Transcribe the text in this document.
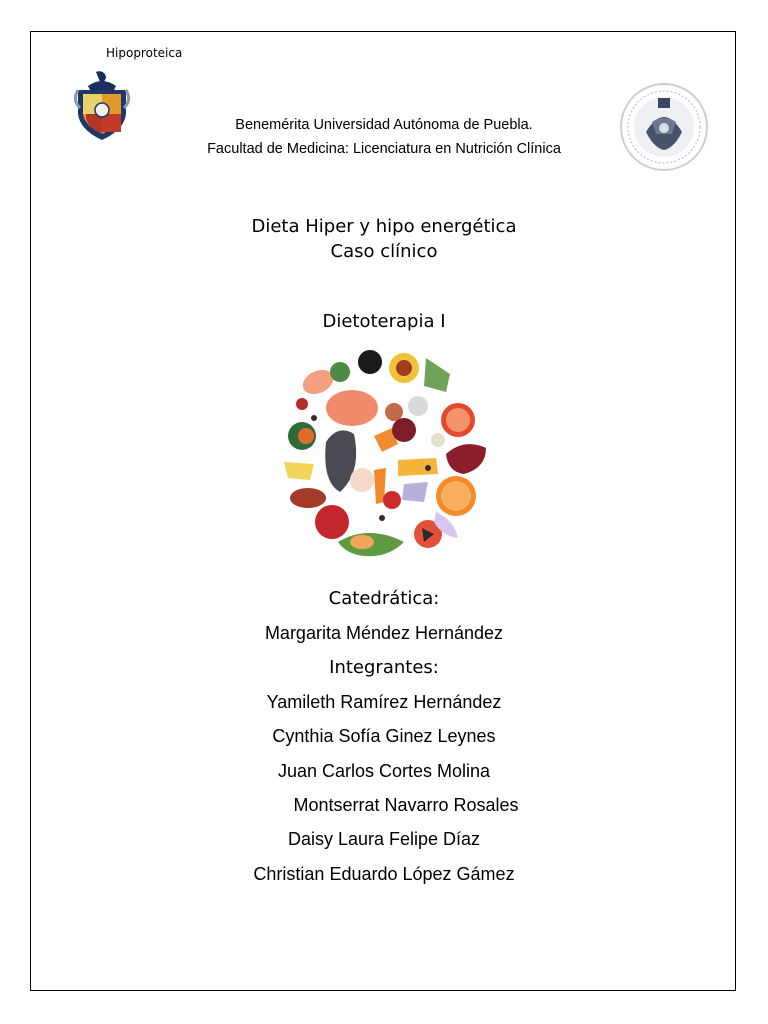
Hipoproteica
Benemérita Universidad Autónoma de Puebla.
Facultad de Medicina: Licenciatura en Nutrición Clínica
Dieta Hiper y hipo energética
Caso clínico
Dietoterapia I
Catedrática:
Margarita Méndez Hernández
Integrantes:
Yamileth Ramírez Hernández
Cynthia Sofía Ginez Leynes
Juan Carlos Cortes Molina
Montserrat Navarro Rosales
Daisy Laura Felipe Díaz
Christian Eduardo López Gámez
